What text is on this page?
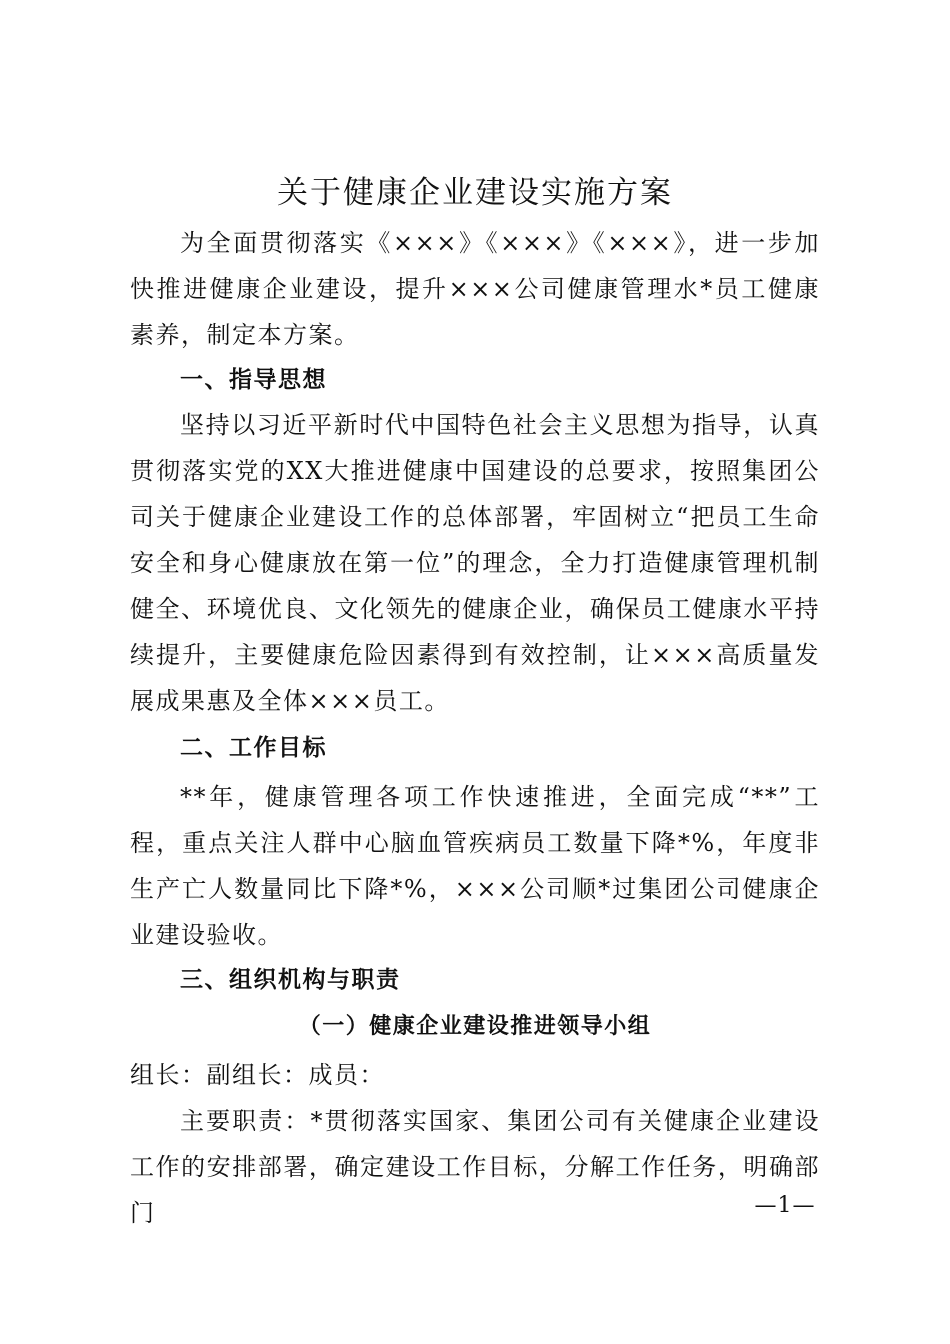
关于健康企业建设实施方案

为全面贯彻落实《×××》《×××》《×××》，进一步加快推进健康企业建设，提升×××公司健康管理水*员工健康素养，制定本方案。

一、指导思想

坚持以习近平新时代中国特色社会主义思想为指导，认真贯彻落实党的XX大推进健康中国建设的总要求，按照集团公司关于健康企业建设工作的总体部署，牢固树立“把员工生命安全和身心健康放在第一位”的理念，全力打造健康管理机制健全、环境优良、文化领先的健康企业，确保员工健康水平持续提升，主要健康危险因素得到有效控制，让×××高质量发展成果惠及全体×××员工。

二、工作目标

**年，健康管理各项工作快速推进，全面完成“**”工程，重点关注人群中心脑血管疾病员工数量下降*%，年度非生产亡人数量同比下降*%，×××公司顺*过集团公司健康企业建设验收。

三、组织机构与职责
（一）健康企业建设推进领导小组

组长：副组长：成员：

主要职责：*贯彻落实国家、集团公司有关健康企业建设工作的安排部署，确定建设工作目标，分解工作任务，明确部门	—1—
